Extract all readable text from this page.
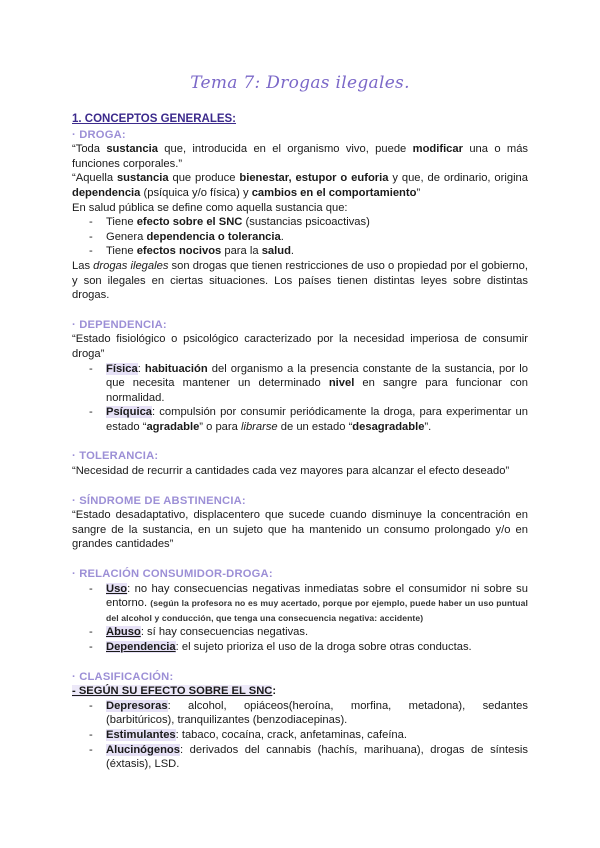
Tema 7: Drogas ilegales.
1. CONCEPTOS GENERALES:
· DROGA:

“Toda sustancia que, introducida en el organismo vivo, puede modificar una o más funciones corporales.”

“Aquella sustancia que produce bienestar, estupor o euforia y que, de ordinario, origina dependencia (psíquica y/o física) y cambios en el comportamiento”

En salud pública se define como aquella sustancia que:

- Tiene efecto sobre el SNC (sustancias psicoactivas)
- Genera dependencia o tolerancia.
- Tiene efectos nocivos para la salud.

Las drogas ilegales son drogas que tienen restricciones de uso o propiedad por el gobierno, y son ilegales en ciertas situaciones. Los países tienen distintas leyes sobre distintas drogas.

· DEPENDENCIA:

“Estado fisiológico o psicológico caracterizado por la necesidad imperiosa de consumir droga”

- Física: habituación del organismo a la presencia constante de la sustancia, por lo que necesita mantener un determinado nivel en sangre para funcionar con normalidad.
- Psíquica: compulsión por consumir periódicamente la droga, para experimentar un estado “agradable” o para librarse de un estado “desagradable”.
· TOLERANCIA:

“Necesidad de recurrir a cantidades cada vez mayores para alcanzar el efecto deseado”

· SÍNDROME DE ABSTINENCIA:

“Estado desadaptativo, displacentero que sucede cuando disminuye la concentración en sangre de la sustancia, en un sujeto que ha mantenido un consumo prolongado y/o en grandes cantidades”

· RELACIÓN CONSUMIDOR-DROGA:
- Uso: no hay consecuencias negativas inmediatas sobre el consumidor ni sobre su entorno. (según la profesora no es muy acertado, porque por ejemplo, puede haber un uso puntual del alcohol y conducción, que tenga una consecuencia negativa: accidente)
- Abuso: sí hay consecuencias negativas.
- Dependencia: el sujeto prioriza el uso de la droga sobre otras conductas.
· CLASIFICACIÓN:
- SEGÚN SU EFECTO SOBRE EL SNC:
- Depresoras: alcohol, opiáceos(heroína, morfina, metadona), sedantes (barbitúricos), tranquilizantes (benzodiacepinas).
- Estimulantes: tabaco, cocaína, crack, anfetaminas, cafeína.
- Alucinógenos: derivados del cannabis (hachís, marihuana), drogas de síntesis (éxtasis), LSD.
